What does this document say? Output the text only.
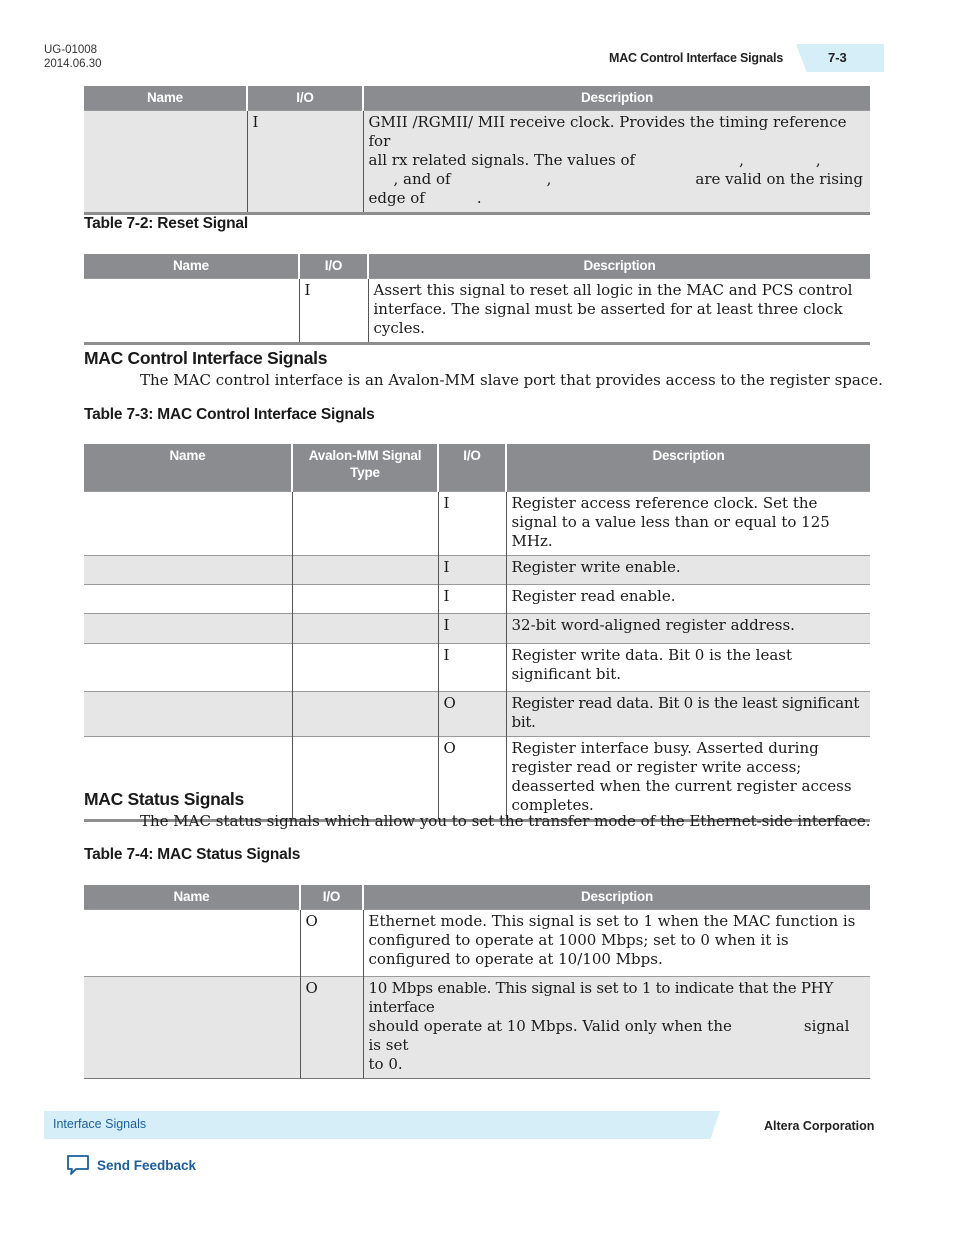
UG-01008
2014.06.30	MAC Control Interface Signals	7-3
Name	I/O	Description
	I	GMII /RGMII/ MII receive clock. Provides the timing reference for
all rx related signals. The values of , ,
, and of , are valid on the rising
edge of .
Table 7-2: Reset Signal
Name	I/O	Description
	I	Assert this signal to reset all logic in the MAC and PCS control
interface. The signal must be asserted for at least three clock cycles.
MAC Control Interface Signals
The MAC control interface is an Avalon-MM slave port that provides access to the register space.
Table 7-3: MAC Control Interface Signals
Name	Avalon-MM Signal Type	I/O	Description
		I	Register access reference clock. Set the signal to a value less than or equal to 125 MHz.
		I	Register write enable.
		I	Register read enable.
		I	32-bit word-aligned register address.
		I	Register write data. Bit 0 is the least significant bit.
		O	Register read data. Bit 0 is the least significant bit.
		O	Register interface busy. Asserted during register read or register write access; deasserted when the current register access completes.
MAC Status Signals
The MAC status signals which allow you to set the transfer mode of the Ethernet-side interface.
Table 7-4: MAC Status Signals
Name	I/O	Description
	O	Ethernet mode. This signal is set to 1 when the MAC function is configured to operate at 1000 Mbps; set to 0 when it is configured to operate at 10/100 Mbps.
	O	10 Mbps enable. This signal is set to 1 to indicate that the PHY interface
should operate at 10 Mbps. Valid only when the signal is set
to 0.
Interface Signals	Altera Corporation
Send Feedback
